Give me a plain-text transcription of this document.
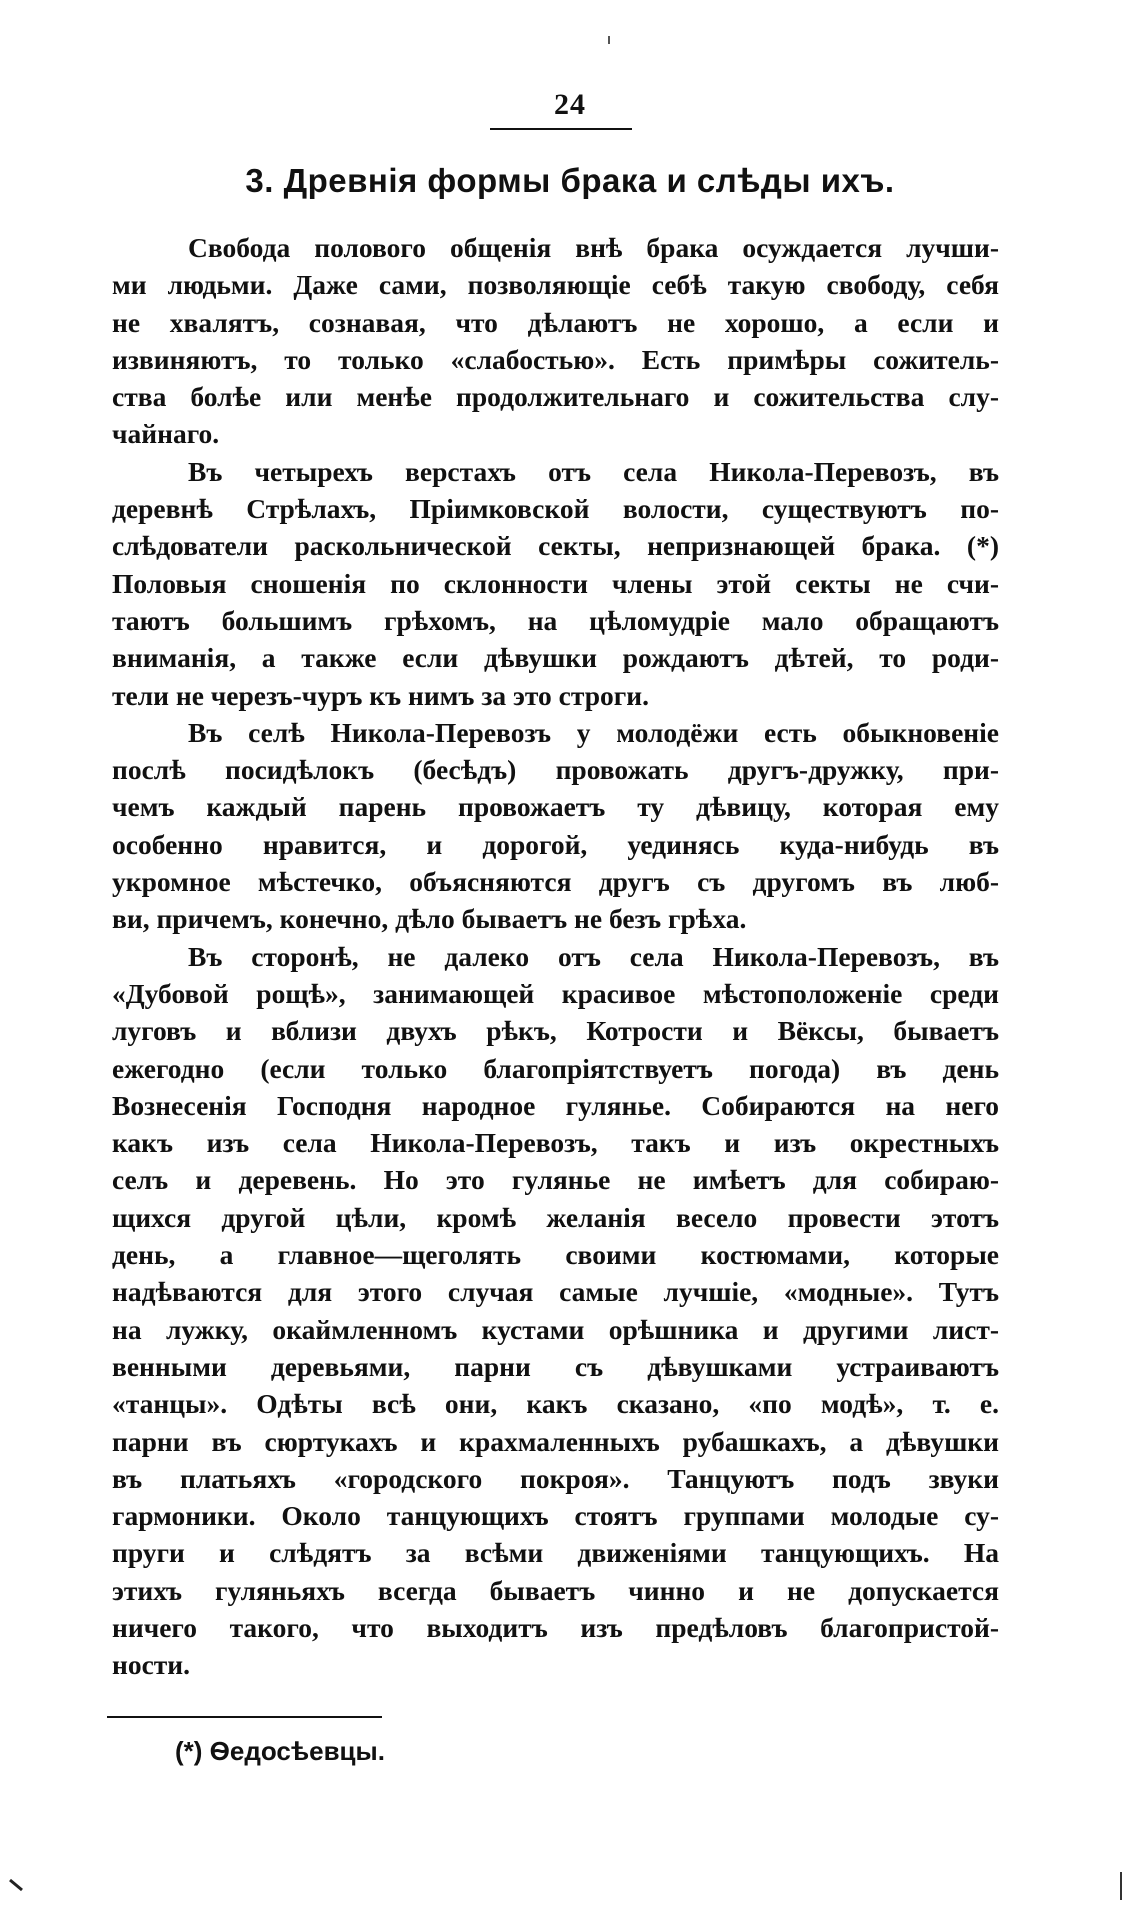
24
3. Древнія формы брака и слѣды ихъ.
Свобода полового общенія внѣ брака осуждается лучши-
ми людьми. Даже сами, позволяющіе себѣ такую свободу, себя
не хвалятъ, сознавая, что дѣлаютъ не хорошо, а если и
извиняютъ, то только «слабостью». Есть примѣры сожитель-
ства болѣе или менѣе продолжительнаго и сожительства слу-
чайнаго.
Въ четырехъ верстахъ отъ села Никола-Перевозъ, въ
деревнѣ Стрѣлахъ, Пріимковской волости, существуютъ по-
слѣдователи раскольнической секты, непризнающей брака. (*)
Половыя сношенія по склонности члены этой секты не счи-
таютъ большимъ грѣхомъ, на цѣломудріе мало обращаютъ
вниманія, а также если дѣвушки рождаютъ дѣтей, то роди-
тели не черезъ-чуръ къ нимъ за это строги.
Въ селѣ Никола-Перевозъ у молодёжи есть обыкновеніе
послѣ посидѣлокъ (бесѣдъ) провожать другъ-дружку, при-
чемъ каждый парень провожаетъ ту дѣвицу, которая ему
особенно нравится, и дорогой, уединясь куда-нибудь въ
укромное мѣстечко, объясняются другъ съ другомъ въ люб-
ви, причемъ, конечно, дѣло бываетъ не безъ грѣха.
Въ сторонѣ, не далеко отъ села Никола-Перевозъ, въ
«Дубовой рощѣ», занимающей красивое мѣстоположеніе среди
луговъ и вблизи двухъ рѣкъ, Котрости и Вёксы, бываетъ
ежегодно (если только благопріятствуетъ погода) въ день
Вознесенія Господня народное гулянье. Собираются на него
какъ изъ села Никола-Перевозъ, такъ и изъ окрестныхъ
селъ и деревень. Но это гулянье не имѣетъ для собираю-
щихся другой цѣли, кромѣ желанія весело провести этотъ
день, а главное—щеголять своими костюмами, которые
надѣваются для этого случая самые лучшіе, «модные». Тутъ
на лужку, окаймленномъ кустами орѣшника и другими лист-
венными деревьями, парни съ дѣвушками устраиваютъ
«танцы». Одѣты всѣ они, какъ сказано, «по модѣ», т. е.
парни въ сюртукахъ и крахмаленныхъ рубашкахъ, а дѣвушки
въ платьяхъ «городского покроя». Танцуютъ подъ звуки
гармоники. Около танцующихъ стоятъ группами молодые су-
пруги и слѣдятъ за всѣми движеніями танцующихъ. На
этихъ гуляньяхъ всегда бываетъ чинно и не допускается
ничего такого, что выходитъ изъ предѣловъ благопристой-
ности.
(*) Ѳедосѣевцы.
